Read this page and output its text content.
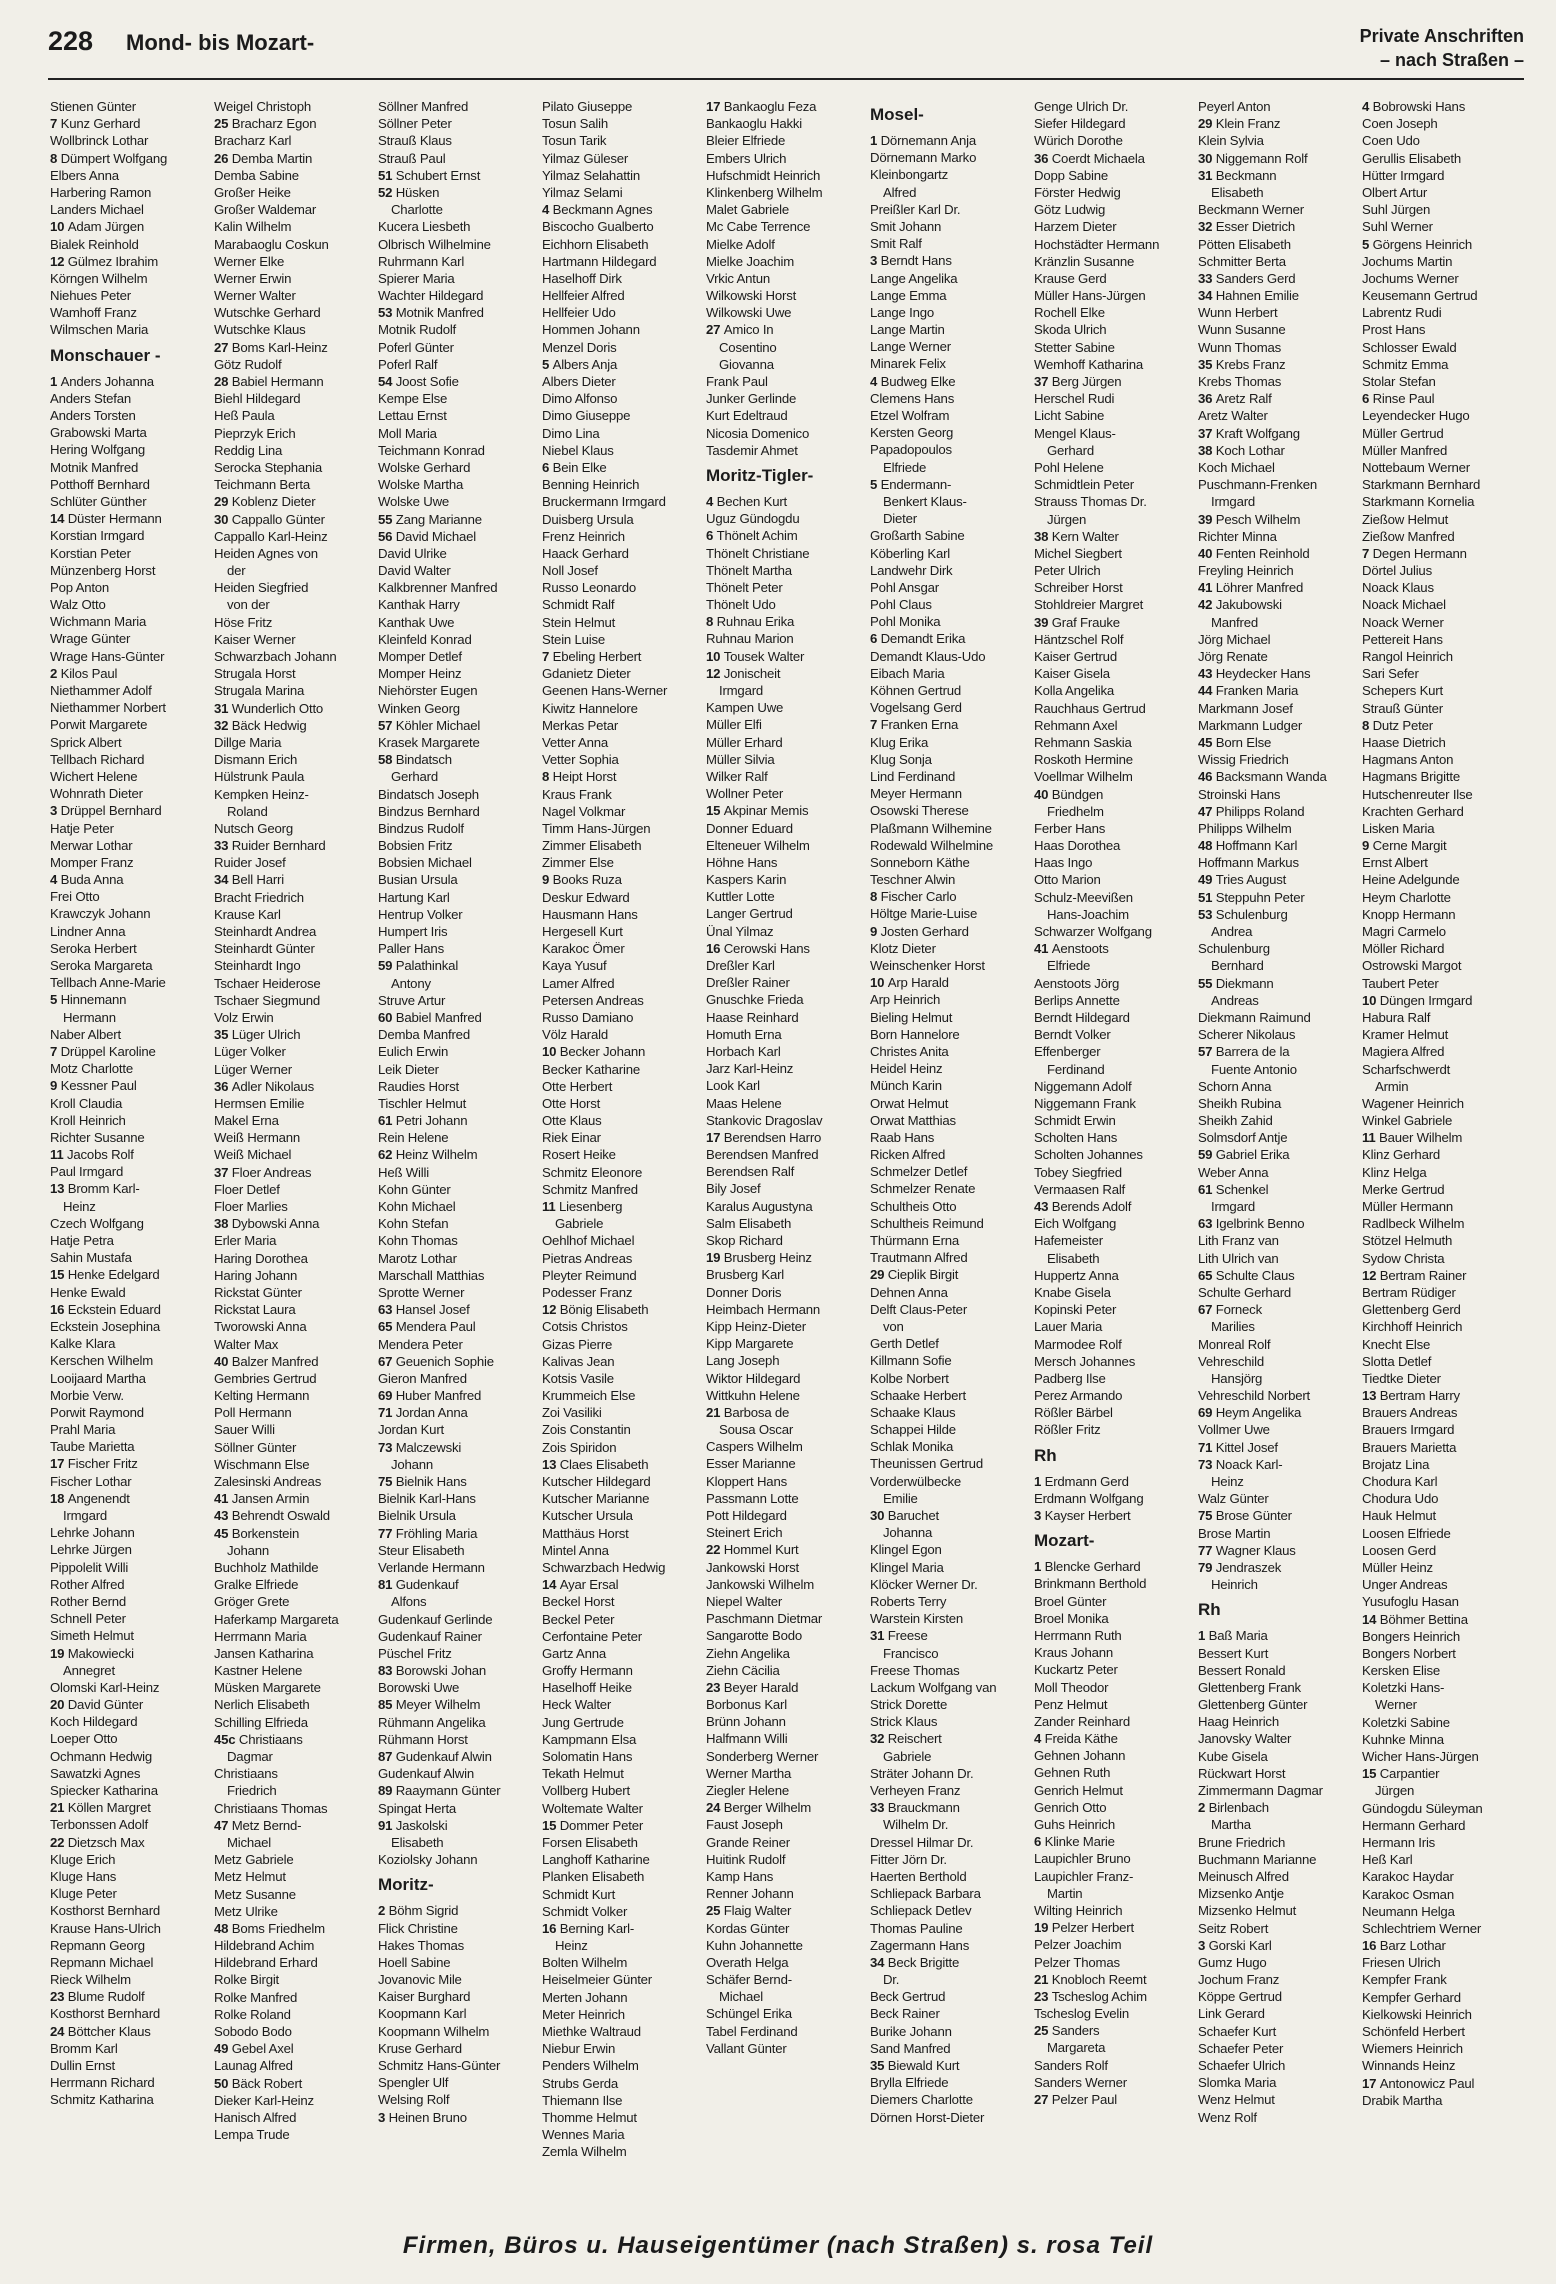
228 Mond- bis Mozart-	Private Anschriften
– nach Straßen –
Stienen Günter
7 Kunz Gerhard
Wollbrinck Lothar
8 Dümpert Wolfgang
Elbers Anna
Harbering Ramon
Landers Michael
10 Adam Jürgen
Bialek Reinhold
12 Gülmez Ibrahim
Körngen Wilhelm
Niehues Peter
Wamhoff Franz
Wilmschen Maria
Monschauer -
1 Anders Johanna
Anders Stefan
Anders Torsten
Grabowski Marta
Hering Wolfgang
Motnik Manfred
Potthoff Bernhard
Schlüter Günther
14 Düster Hermann
Korstian Irmgard
Korstian Peter
Münzenberg Horst
Pop Anton
Walz Otto
Wichmann Maria
Wrage Günter
Wrage Hans-Günter
2 Kilos Paul
Niethammer Adolf
Niethammer Norbert
Porwit Margarete
Sprick Albert
Tellbach Richard
Wichert Helene
Wohnrath Dieter
3 Drüppel Bernhard
Hatje Peter
Merwar Lothar
Momper Franz
4 Buda Anna
Frei Otto
Krawczyk Johann
Lindner Anna
Seroka Herbert
Seroka Margareta
Tellbach Anne-Marie
5 Hinnemann
 Hermann
Naber Albert
7 Drüppel Karoline
Motz Charlotte
9 Kessner Paul
Kroll Claudia
Kroll Heinrich
Richter Susanne
11 Jacobs Rolf
Paul Irmgard
13 Bromm Karl-
 Heinz
Czech Wolfgang
Hatje Petra
Sahin Mustafa
15 Henke Edelgard
Henke Ewald
16 Eckstein Eduard
Eckstein Josephina
Kalke Klara
Kerschen Wilhelm
Looijaard Martha
Morbie Verw.
Porwit Raymond
Prahl Maria
Taube Marietta
17 Fischer Fritz
Fischer Lothar
18 Angenendt
 Irmgard
Lehrke Johann
Lehrke Jürgen
Pippolelit Willi
Rother Alfred
Rother Bernd
Schnell Peter
Simeth Helmut
19 Makowiecki
 Annegret
Olomski Karl-Heinz
20 David Günter
Koch Hildegard
Loeper Otto
Ochmann Hedwig
Sawatzki Agnes
Spiecker Katharina
21 Köllen Margret
Terbonssen Adolf
22 Dietzsch Max
Kluge Erich
Kluge Hans
Kluge Peter
Kosthorst Bernhard
Krause Hans-Ulrich
Repmann Georg
Repmann Michael
Rieck Wilhelm
23 Blume Rudolf
Kosthorst Bernhard
24 Böttcher Klaus
Bromm Karl
Dullin Ernst
Herrmann Richard
Schmitz Katharina
Weigel Christoph
25 Bracharz Egon
Bracharz Karl
26 Demba Martin
Demba Sabine
Großer Heike
Großer Waldemar
Kalin Wilhelm
Marabaoglu Coskun
Werner Elke
Werner Erwin
Werner Walter
Wutschke Gerhard
Wutschke Klaus
27 Boms Karl-Heinz
Götz Rudolf
28 Babiel Hermann
Biehl Hildegard
Heß Paula
Pieprzyk Erich
Reddig Lina
Serocka Stephania
Teichmann Berta
29 Koblenz Dieter
30 Cappallo Günter
Cappallo Karl-Heinz
Heiden Agnes von
 der
Heiden Siegfried
 von der
Höse Fritz
Kaiser Werner
Schwarzbach Johann
Strugala Horst
Strugala Marina
31 Wunderlich Otto
32 Bäck Hedwig
Dillge Maria
Dismann Erich
Hülstrunk Paula
Kempken Heinz-
 Roland
Nutsch Georg
33 Ruider Bernhard
Ruider Josef
34 Bell Harri
Bracht Friedrich
Krause Karl
Steinhardt Andrea
Steinhardt Günter
Steinhardt Ingo
Tschaer Heiderose
Tschaer Siegmund
Volz Erwin
35 Lüger Ulrich
Lüger Volker
Lüger Werner
36 Adler Nikolaus
Hermsen Emilie
Makel Erna
Weiß Hermann
Weiß Michael
37 Floer Andreas
Floer Detlef
Floer Marlies
38 Dybowski Anna
Erler Maria
Haring Dorothea
Haring Johann
Rickstat Günter
Rickstat Laura
Tworowski Anna
Walter Max
40 Balzer Manfred
Gembries Gertrud
Kelting Hermann
Poll Hermann
Sauer Willi
Söllner Günter
Wischmann Else
Zalesinski Andreas
41 Jansen Armin
43 Behrendt Oswald
45 Borkenstein
 Johann
Buchholz Mathilde
Gralke Elfriede
Gröger Grete
Haferkamp Margareta
Herrmann Maria
Jansen Katharina
Kastner Helene
Müsken Margarete
Nerlich Elisabeth
Schilling Elfrieda
45c Christiaans
 Dagmar
Christiaans
 Friedrich
Christiaans Thomas
47 Metz Bernd-
 Michael
Metz Gabriele
Metz Helmut
Metz Susanne
Metz Ulrike
48 Boms Friedhelm
Hildebrand Achim
Hildebrand Erhard
Rolke Birgit
Rolke Manfred
Rolke Roland
Sobodo Bodo
49 Gebel Axel
Launag Alfred
50 Bäck Robert
Dieker Karl-Heinz
Hanisch Alfred
Lempa Trude
Söllner Manfred
Söllner Peter
Strauß Klaus
Strauß Paul
51 Schubert Ernst
52 Hüsken
 Charlotte
Kucera Liesbeth
Olbrisch Wilhelmine
Ruhrmann Karl
Spierer Maria
Wachter Hildegard
53 Motnik Manfred
Motnik Rudolf
Poferl Günter
Poferl Ralf
54 Joost Sofie
Kempe Else
Lettau Ernst
Moll Maria
Teichmann Konrad
Wolske Gerhard
Wolske Martha
Wolske Uwe
55 Zang Marianne
56 David Michael
David Ulrike
David Walter
Kalkbrenner Manfred
Kanthak Harry
Kanthak Uwe
Kleinfeld Konrad
Momper Detlef
Momper Heinz
Niehörster Eugen
Winken Georg
57 Köhler Michael
Krasek Margarete
58 Bindatsch
 Gerhard
Bindatsch Joseph
Bindzus Bernhard
Bindzus Rudolf
Bobsien Fritz
Bobsien Michael
Busian Ursula
Hartung Karl
Hentrup Volker
Humpert Iris
Paller Hans
59 Palathinkal
 Antony
Struve Artur
60 Babiel Manfred
Demba Manfred
Eulich Erwin
Leik Dieter
Raudies Horst
Tischler Helmut
61 Petri Johann
Rein Helene
62 Heinz Wilhelm
Heß Willi
Kohn Günter
Kohn Michael
Kohn Stefan
Kohn Thomas
Marotz Lothar
Marschall Matthias
Sprotte Werner
63 Hansel Josef
65 Mendera Paul
Mendera Peter
67 Geuenich Sophie
Gieron Manfred
69 Huber Manfred
71 Jordan Anna
Jordan Kurt
73 Malczewski
 Johann
75 Bielnik Hans
Bielnik Karl-Hans
Bielnik Ursula
77 Fröhling Maria
Steur Elisabeth
Verlande Hermann
81 Gudenkauf
 Alfons
Gudenkauf Gerlinde
Gudenkauf Rainer
Püschel Fritz
83 Borowski Johan
Borowski Uwe
85 Meyer Wilhelm
Rühmann Angelika
Rühmann Horst
87 Gudenkauf Alwin
Gudenkauf Alwin
89 Raaymann Günter
Spingat Herta
91 Jaskolski
 Elisabeth
Koziolsky Johann
Moritz-
2 Böhm Sigrid
Flick Christine
Hakes Thomas
Hoell Sabine
Jovanovic Mile
Kaiser Burghard
Koopmann Karl
Koopmann Wilhelm
Kruse Gerhard
Schmitz Hans-Günter
Spengler Ulf
Welsing Rolf
3 Heinen Bruno
Pilato Giuseppe
Tosun Salih
Tosun Tarik
Yilmaz Güleser
Yilmaz Selahattin
Yilmaz Selami
4 Beckmann Agnes
Biscocho Gualberto
Eichhorn Elisabeth
Hartmann Hildegard
Haselhoff Dirk
Hellfeier Alfred
Hellfeier Udo
Hommen Johann
Menzel Doris
5 Albers Anja
Albers Dieter
Dimo Alfonso
Dimo Giuseppe
Dimo Lina
Niebel Klaus
6 Bein Elke
Benning Heinrich
Bruckermann Irmgard
Duisberg Ursula
Frenz Heinrich
Haack Gerhard
Noll Josef
Russo Leonardo
Schmidt Ralf
Stein Helmut
Stein Luise
7 Ebeling Herbert
Gdanietz Dieter
Geenen Hans-Werner
Kiwitz Hannelore
Merkas Petar
Vetter Anna
Vetter Sophia
8 Heipt Horst
Kraus Frank
Nagel Volkmar
Timm Hans-Jürgen
Zimmer Elisabeth
Zimmer Else
9 Books Ruza
Deskur Edward
Hausmann Hans
Hergesell Kurt
Karakoc Ömer
Kaya Yusuf
Lamer Alfred
Petersen Andreas
Russo Damiano
Völz Harald
10 Becker Johann
Becker Katharine
Otte Herbert
Otte Horst
Otte Klaus
Riek Einar
Rosert Heike
Schmitz Eleonore
Schmitz Manfred
11 Liesenberg
 Gabriele
Oehlhof Michael
Pietras Andreas
Pleyter Reimund
Podesser Franz
12 Bönig Elisabeth
Cotsis Christos
Gizas Pierre
Kalivas Jean
Kotsis Vasile
Krummeich Else
Zoi Vasiliki
Zois Constantin
Zois Spiridon
13 Claes Elisabeth
Kutscher Hildegard
Kutscher Marianne
Kutscher Ursula
Matthäus Horst
Mintel Anna
Schwarzbach Hedwig
14 Ayar Ersal
Beckel Horst
Beckel Peter
Cerfontaine Peter
Gartz Anna
Groffy Hermann
Haselhoff Heike
Heck Walter
Jung Gertrude
Kampmann Elsa
Solomatin Hans
Tekath Helmut
Vollberg Hubert
Woltemate Walter
15 Dommer Peter
Forsen Elisabeth
Langhoff Katharine
Planken Elisabeth
Schmidt Kurt
Schmidt Volker
16 Berning Karl-
 Heinz
Bolten Wilhelm
Heiselmeier Günter
Merten Johann
Meter Heinrich
Miethke Waltraud
Niebur Erwin
Penders Wilhelm
Strubs Gerda
Thiemann Ilse
Thomme Helmut
Wennes Maria
Zemla Wilhelm
17 Bankaoglu Feza
Bankaoglu Hakki
Bleier Elfriede
Embers Ulrich
Hufschmidt Heinrich
Klinkenberg Wilhelm
Malet Gabriele
Mc Cabe Terrence
Mielke Adolf
Mielke Joachim
Vrkic Antun
Wilkowski Horst
Wilkowski Uwe
27 Amico In
 Cosentino
 Giovanna
Frank Paul
Junker Gerlinde
Kurt Edeltraud
Nicosia Domenico
Tasdemir Ahmet
Moritz-Tigler-
4 Bechen Kurt
Uguz Gündogdu
6 Thönelt Achim
Thönelt Christiane
Thönelt Martha
Thönelt Peter
Thönelt Udo
8 Ruhnau Erika
Ruhnau Marion
10 Tousek Walter
12 Jonischeit
 Irmgard
Kampen Uwe
Müller Elfi
Müller Erhard
Müller Silvia
Wilker Ralf
Wollner Peter
15 Akpinar Memis
Donner Eduard
Elteneuer Wilhelm
Höhne Hans
Kaspers Karin
Kuttler Lotte
Langer Gertrud
Ünal Yilmaz
16 Cerowski Hans
Dreßler Karl
Dreßler Rainer
Gnuschke Frieda
Haase Reinhard
Homuth Erna
Horbach Karl
Jarz Karl-Heinz
Look Karl
Maas Helene
Stankovic Dragoslav
17 Berendsen Harro
Berendsen Manfred
Berendsen Ralf
Bily Josef
Karalus Augustyna
Salm Elisabeth
Skop Richard
19 Brusberg Heinz
Brusberg Karl
Donner Doris
Heimbach Hermann
Kipp Heinz-Dieter
Kipp Margarete
Lang Joseph
Wiktor Hildegard
Wittkuhn Helene
21 Barbosa de
 Sousa Oscar
Caspers Wilhelm
Esser Marianne
Kloppert Hans
Passmann Lotte
Pott Hildegard
Steinert Erich
22 Hommel Kurt
Jankowski Horst
Jankowski Wilhelm
Niepel Walter
Paschmann Dietmar
Sangarotte Bodo
Ziehn Angelika
Ziehn Cäcilia
23 Beyer Harald
Borbonus Karl
Brünn Johann
Halfmann Willi
Sonderberg Werner
Werner Martha
Ziegler Helene
24 Berger Wilhelm
Faust Joseph
Grande Reiner
Huitink Rudolf
Kamp Hans
Renner Johann
25 Flaig Walter
Kordas Günter
Kuhn Johannette
Overath Helga
Schäfer Bernd-
 Michael
Schüngel Erika
Tabel Ferdinand
Vallant Günter
Mosel-
1 Dörnemann Anja
Dörnemann Marko
Kleinbongartz
 Alfred
Preißler Karl Dr.
Smit Johann
Smit Ralf
3 Berndt Hans
Lange Angelika
Lange Emma
Lange Ingo
Lange Martin
Lange Werner
Minarek Felix
4 Budweg Elke
Clemens Hans
Etzel Wolfram
Kersten Georg
Papadopoulos
 Elfriede
5 Endermann-
 Benkert Klaus-
 Dieter
Großarth Sabine
Köberling Karl
Landwehr Dirk
Pohl Ansgar
Pohl Claus
Pohl Monika
6 Demandt Erika
Demandt Klaus-Udo
Eibach Maria
Köhnen Gertrud
Vogelsang Gerd
7 Franken Erna
Klug Erika
Klug Sonja
Lind Ferdinand
Meyer Hermann
Osowski Therese
Plaßmann Wilhemine
Rodewald Wilhelmine
Sonneborn Käthe
Teschner Alwin
8 Fischer Carlo
Höltge Marie-Luise
9 Josten Gerhard
Klotz Dieter
Weinschenker Horst
10 Arp Harald
Arp Heinrich
Bieling Helmut
Born Hannelore
Christes Anita
Heidel Heinz
Münch Karin
Orwat Helmut
Orwat Matthias
Raab Hans
Ricken Alfred
Schmelzer Detlef
Schmelzer Renate
Schultheis Otto
Schultheis Reimund
Thürmann Erna
Trautmann Alfred
29 Cieplik Birgit
Dehnen Anna
Delft Claus-Peter
 von
Gerth Detlef
Killmann Sofie
Kolbe Norbert
Schaake Herbert
Schaake Klaus
Schappei Hilde
Schlak Monika
Theunissen Gertrud
Vorderwülbecke
 Emilie
30 Baruchet
 Johanna
Klingel Egon
Klingel Maria
Klöcker Werner Dr.
Roberts Terry
Warstein Kirsten
31 Freese
 Francisco
Freese Thomas
Lackum Wolfgang van
Strick Dorette
Strick Klaus
32 Reischert
 Gabriele
Sträter Johann Dr.
Verheyen Franz
33 Brauckmann
 Wilhelm Dr.
Dressel Hilmar Dr.
Fitter Jörn Dr.
Haerten Berthold
Schliepack Barbara
Schliepack Detlev
Thomas Pauline
Zagermann Hans
34 Beck Brigitte
 Dr.
Beck Gertrud
Beck Rainer
Burike Johann
Sand Manfred
35 Biewald Kurt
Brylla Elfriede
Diemers Charlotte
Dörnen Horst-Dieter
Genge Ulrich Dr.
Siefer Hildegard
Würich Dorothe
36 Coerdt Michaela
Dopp Sabine
Förster Hedwig
Götz Ludwig
Harzem Dieter
Hochstädter Hermann
Kränzlin Susanne
Krause Gerd
Müller Hans-Jürgen
Rochell Elke
Skoda Ulrich
Stetter Sabine
Wemhoff Katharina
37 Berg Jürgen
Herschel Rudi
Licht Sabine
Mengel Klaus-
 Gerhard
Pohl Helene
Schmidtlein Peter
Strauss Thomas Dr.
 Jürgen
38 Kern Walter
Michel Siegbert
Peter Ulrich
Schreiber Horst
Stohldreier Margret
39 Graf Frauke
Häntzschel Rolf
Kaiser Gertrud
Kaiser Gisela
Kolla Angelika
Rauchhaus Gertrud
Rehmann Axel
Rehmann Saskia
Roskoth Hermine
Voellmar Wilhelm
40 Bündgen
 Friedhelm
Ferber Hans
Haas Dorothea
Haas Ingo
Otto Marion
Schulz-Meevißen
 Hans-Joachim
Schwarzer Wolfgang
41 Aenstoots
 Elfriede
Aenstoots Jörg
Berlips Annette
Berndt Hildegard
Berndt Volker
Effenberger
 Ferdinand
Niggemann Adolf
Niggemann Frank
Schmidt Erwin
Scholten Hans
Scholten Johannes
Tobey Siegfried
Vermaasen Ralf
43 Berends Adolf
Eich Wolfgang
Hafemeister
 Elisabeth
Huppertz Anna
Knabe Gisela
Kopinski Peter
Lauer Maria
Marmodee Rolf
Mersch Johannes
Padberg Ilse
Perez Armando
Rößler Bärbel
Rößler Fritz
Rh
1 Erdmann Gerd
Erdmann Wolfgang
3 Kayser Herbert
Mozart-
1 Blencke Gerhard
Brinkmann Berthold
Broel Günter
Broel Monika
Herrmann Ruth
Kraus Johann
Kuckartz Peter
Moll Theodor
Penz Helmut
Zander Reinhard
4 Freida Käthe
Gehnen Johann
Gehnen Ruth
Genrich Helmut
Genrich Otto
Guhs Heinrich
6 Klinke Marie
Laupichler Bruno
Laupichler Franz-
 Martin
Wilting Heinrich
19 Pelzer Herbert
Pelzer Joachim
Pelzer Thomas
21 Knobloch Reemt
23 Tscheslog Achim
Tscheslog Evelin
25 Sanders
 Margareta
Sanders Rolf
Sanders Werner
27 Pelzer Paul
Peyerl Anton
29 Klein Franz
Klein Sylvia
30 Niggemann Rolf
31 Beckmann
 Elisabeth
Beckmann Werner
32 Esser Dietrich
Pötten Elisabeth
Schmitter Berta
33 Sanders Gerd
34 Hahnen Emilie
Wunn Herbert
Wunn Susanne
Wunn Thomas
35 Krebs Franz
Krebs Thomas
36 Aretz Ralf
Aretz Walter
37 Kraft Wolfgang
38 Koch Lothar
Koch Michael
Puschmann-Frenken
 Irmgard
39 Pesch Wilhelm
Richter Minna
40 Fenten Reinhold
Freyling Heinrich
41 Löhrer Manfred
42 Jakubowski
 Manfred
Jörg Michael
Jörg Renate
43 Heydecker Hans
44 Franken Maria
Markmann Josef
Markmann Ludger
45 Born Else
Wissig Friedrich
46 Backsmann Wanda
Stroinski Hans
47 Philipps Roland
Philipps Wilhelm
48 Hoffmann Karl
Hoffmann Markus
49 Tries August
51 Steppuhn Peter
53 Schulenburg
 Andrea
Schulenburg
 Bernhard
55 Diekmann
 Andreas
Diekmann Raimund
Scherer Nikolaus
57 Barrera de la
 Fuente Antonio
Schorn Anna
Sheikh Rubina
Sheikh Zahid
Solmsdorf Antje
59 Gabriel Erika
Weber Anna
61 Schenkel
 Irmgard
63 Igelbrink Benno
Lith Franz van
Lith Ulrich van
65 Schulte Claus
Schulte Gerhard
67 Forneck
 Marilies
Monreal Rolf
Vehreschild
 Hansjörg
Vehreschild Norbert
69 Heym Angelika
Vollmer Uwe
71 Kittel Josef
73 Noack Karl-
 Heinz
Walz Günter
75 Brose Günter
Brose Martin
77 Wagner Klaus
79 Jendraszek
 Heinrich
Rh
1 Baß Maria
Bessert Kurt
Bessert Ronald
Glettenberg Frank
Glettenberg Günter
Haag Heinrich
Janovsky Walter
Kube Gisela
Rückwart Horst
Zimmermann Dagmar
2 Birlenbach
 Martha
Brune Friedrich
Buchmann Marianne
Meinusch Alfred
Mizsenko Antje
Mizsenko Helmut
Seitz Robert
3 Gorski Karl
Gumz Hugo
Jochum Franz
Köppe Gertrud
Link Gerard
Schaefer Kurt
Schaefer Peter
Schaefer Ulrich
Slomka Maria
Wenz Helmut
Wenz Rolf
4 Bobrowski Hans
Coen Joseph
Coen Udo
Gerullis Elisabeth
Hütter Irmgard
Olbert Artur
Suhl Jürgen
Suhl Werner
5 Görgens Heinrich
Jochums Martin
Jochums Werner
Keusemann Gertrud
Labrentz Rudi
Prost Hans
Schlosser Ewald
Schmitz Emma
Stolar Stefan
6 Rinse Paul
Leyendecker Hugo
Müller Gertrud
Müller Manfred
Nottebaum Werner
Starkmann Bernhard
Starkmann Kornelia
Zießow Helmut
Zießow Manfred
7 Degen Hermann
Dörtel Julius
Noack Klaus
Noack Michael
Noack Werner
Pettereit Hans
Rangol Heinrich
Sari Sefer
Schepers Kurt
Strauß Günter
8 Dutz Peter
Haase Dietrich
Hagmans Anton
Hagmans Brigitte
Hutschenreuter Ilse
Krachten Gerhard
Lisken Maria
9 Cerne Margit
Ernst Albert
Heine Adelgunde
Heym Charlotte
Knopp Hermann
Magri Carmelo
Möller Richard
Ostrowski Margot
Taubert Peter
10 Düngen Irmgard
Habura Ralf
Kramer Helmut
Magiera Alfred
Scharfschwerdt
 Armin
Wagener Heinrich
Winkel Gabriele
11 Bauer Wilhelm
Klinz Gerhard
Klinz Helga
Merke Gertrud
Müller Hermann
Radlbeck Wilhelm
Stötzel Helmuth
Sydow Christa
12 Bertram Rainer
Bertram Rüdiger
Glettenberg Gerd
Kirchhoff Heinrich
Knecht Else
Slotta Detlef
Tiedtke Dieter
13 Bertram Harry
Brauers Andreas
Brauers Irmgard
Brauers Marietta
Brojatz Lina
Chodura Karl
Chodura Udo
Hauk Helmut
Loosen Elfriede
Loosen Gerd
Müller Heinz
Unger Andreas
Yusufoglu Hasan
14 Böhmer Bettina
Bongers Heinrich
Bongers Norbert
Kersken Elise
Koletzki Hans-
 Werner
Koletzki Sabine
Kuhnke Minna
Wicher Hans-Jürgen
15 Carpantier
 Jürgen
Gündogdu Süleyman
Hermann Gerhard
Hermann Iris
Heß Karl
Karakoc Haydar
Karakoc Osman
Neumann Helga
Schlechtriem Werner
16 Barz Lothar
Friesen Ulrich
Kempfer Frank
Kempfer Gerhard
Kielkowski Heinrich
Schönfeld Herbert
Wiemers Heinrich
Winnands Heinz
17 Antonowicz Paul
Drabik Martha
Firmen, Büros u. Hauseigentümer (nach Straßen) s. rosa Teil
